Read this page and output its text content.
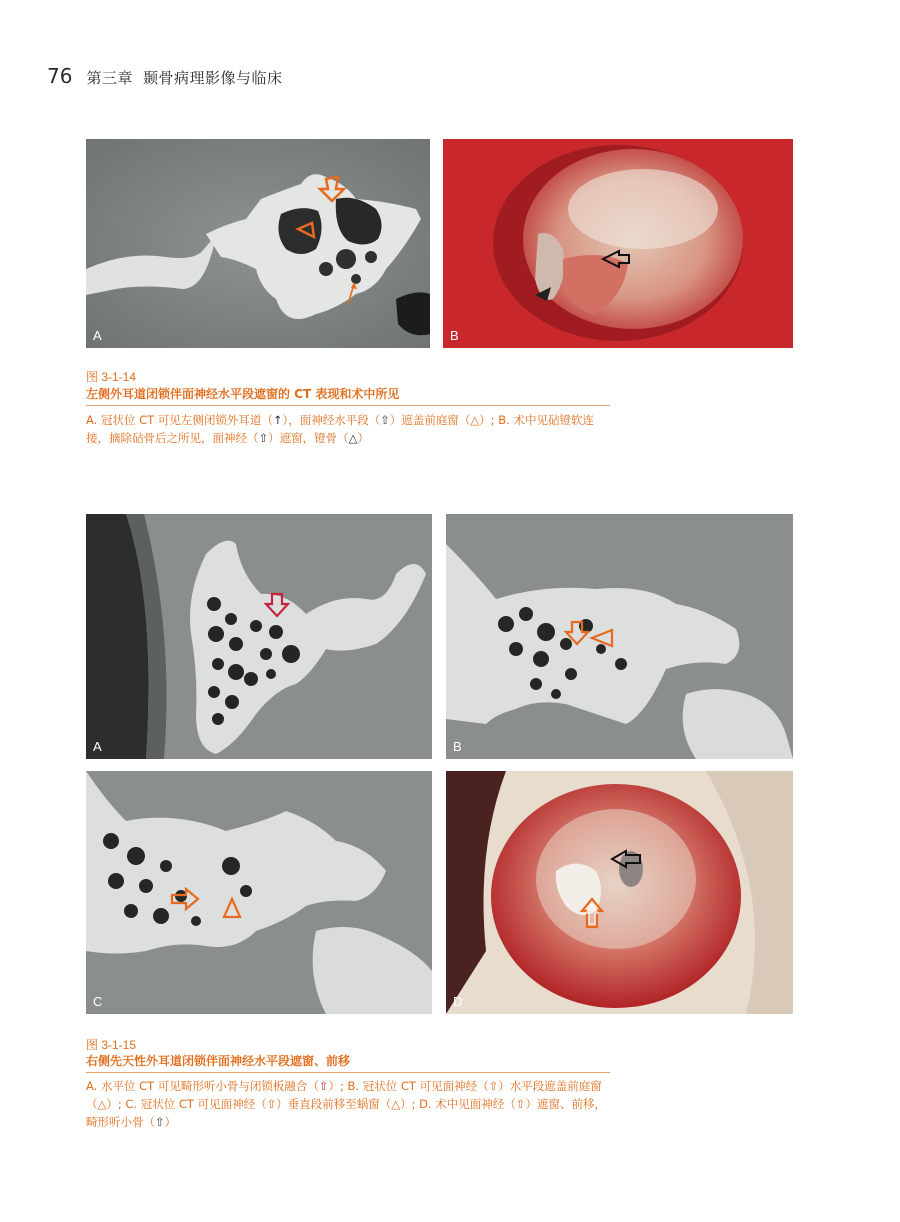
76 第三章 颞骨病理影像与临床
A	B
图 3-1-14
左侧外耳道闭锁伴面神经水平段遮窗的 CT 表现和术中所见
A. 冠状位 CT 可见左侧闭锁外耳道（↑），面神经水平段（⇧）遮盖前庭窗（△）; B. 术中见砧镫软连接，摘除砧骨后之所见，面神经（⇧）遮窗，镫骨（△）
A	B
C	D
图 3-1-15
右侧先天性外耳道闭锁伴面神经水平段遮窗、前移
A. 水平位 CT 可见畸形听小骨与闭锁板融合（⇧）; B. 冠状位 CT 可见面神经（⇧）水平段遮盖前庭窗（△）; C. 冠状位 CT 可见面神经（⇧）垂直段前移至蜗窗（△）; D. 术中见面神经（⇧）遮窗、前移，畸形听小骨（⇧）
